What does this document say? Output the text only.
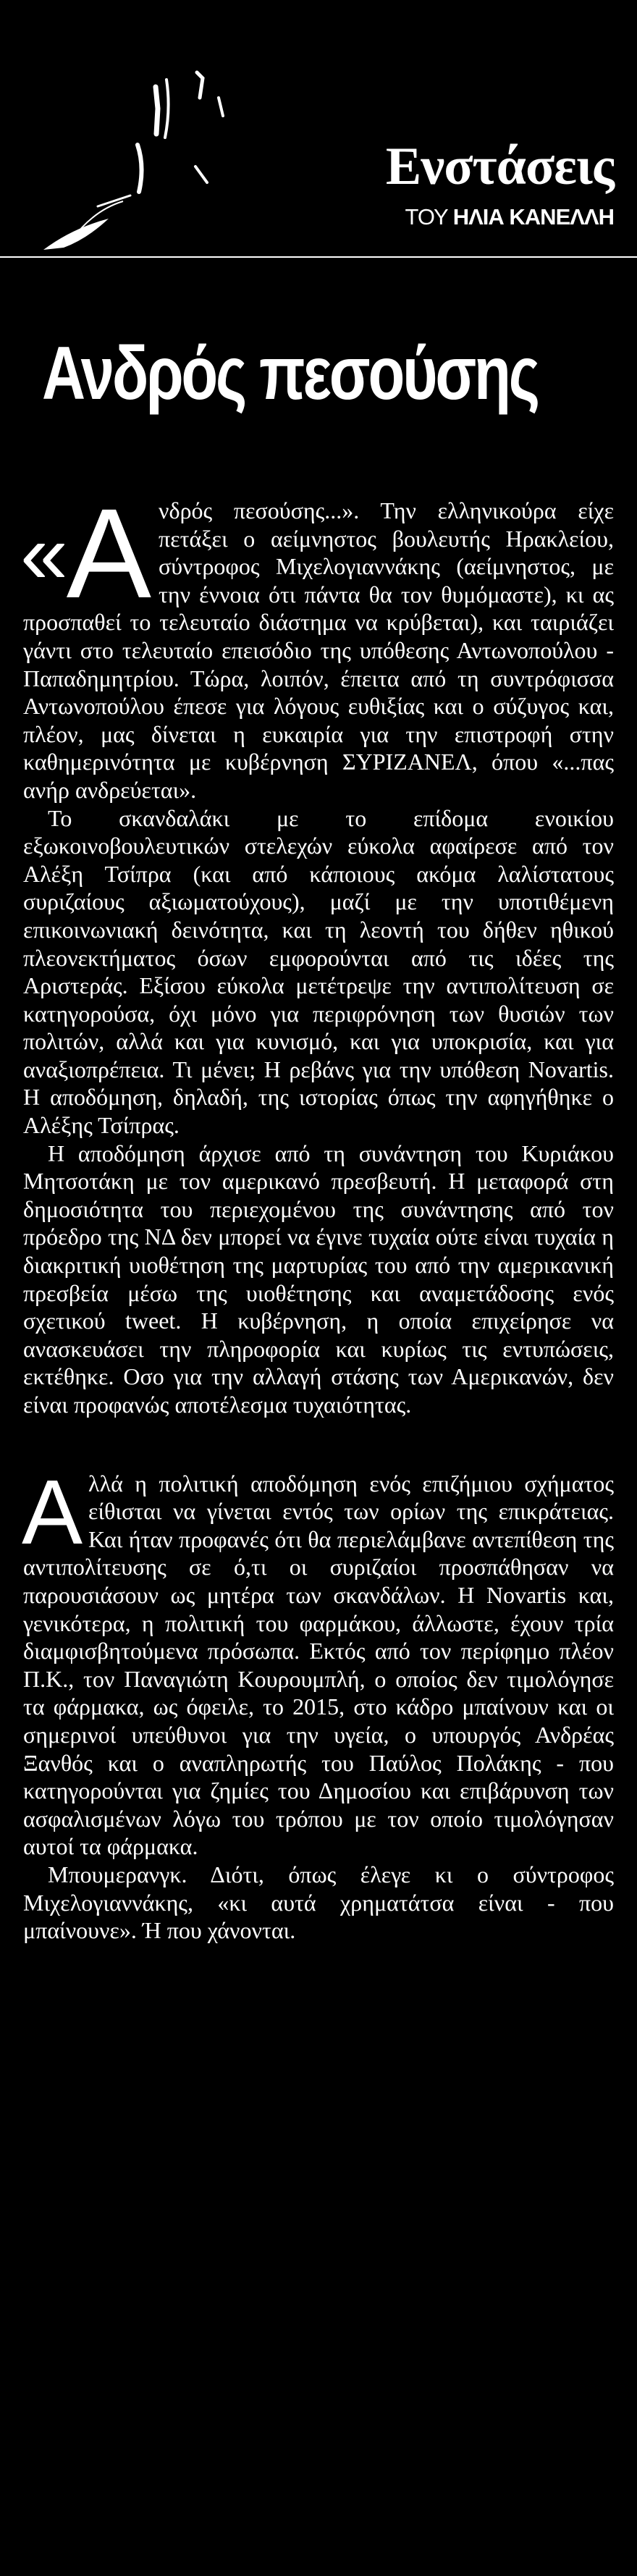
Ενστάσεις
ΤΟΥ ΗΛΙΑ ΚΑΝΕΛΛΗ
Ανδρός πεσούσης

«Α νδρός πεσούσης...». Την ελληνικούρα είχε πετάξει ο αείμνηστος βουλευτής Ηρακλείου, σύντροφος Μιχελογιαννάκης (αείμνηστος, με την έννοια ότι πάντα θα τον θυμόμαστε), κι ας προσπαθεί το τελευταίο διάστημα να κρύβεται), και ταιριάζει γάντι στο τελευταίο επεισόδιο της υπόθεσης Αντωνοπούλου - Παπαδημητρίου. Τώρα, λοιπόν, έπειτα από τη συντρόφισσα Αντωνοπούλου έπεσε για λόγους ευθιξίας και ο σύζυγος και, πλέον, μας δίνεται η ευκαιρία για την επιστροφή στην καθημερινότητα με κυβέρνηση ΣΥΡΙΖΑΝΕΛ, όπου «...πας ανήρ ανδρεύεται».

Το σκανδαλάκι με το επίδομα ενοικίου εξωκοινοβουλευτικών στελεχών εύκολα αφαίρεσε από τον Αλέξη Τσίπρα (και από κάποιους ακόμα λαλίστατους συριζαίους αξιωματούχους), μαζί με την υποτιθέμενη επικοινωνιακή δεινότητα, και τη λεοντή του δήθεν ηθικού πλεονεκτήματος όσων εμφορούνται από τις ιδέες της Αριστεράς. Εξίσου εύκολα μετέτρεψε την αντιπολίτευση σε κατηγορούσα, όχι μόνο για περιφρόνηση των θυσιών των πολιτών, αλλά και για κυνισμό, και για υποκρισία, και για αναξιοπρέπεια. Τι μένει; Η ρεβάνς για την υπόθεση Novartis. Η αποδόμηση, δηλαδή, της ιστορίας όπως την αφηγήθηκε ο Αλέξης Τσίπρας.

Η αποδόμηση άρχισε από τη συνάντηση του Κυριάκου Μητσοτάκη με τον αμερικανό πρεσβευτή. Η μεταφορά στη δημοσιότητα του περιεχομένου της συνάντησης από τον πρόεδρο της ΝΔ δεν μπορεί να έγινε τυχαία ούτε είναι τυχαία η διακριτική υιοθέτηση της μαρτυρίας του από την αμερικανική πρεσβεία μέσω της υιοθέτησης και αναμετάδοσης ενός σχετικού tweet. Η κυβέρνηση, η οποία επιχείρησε να ανασκευάσει την πληροφορία και κυρίως τις εντυπώσεις, εκτέθηκε. Οσο για την αλλαγή στάσης των Αμερικανών, δεν είναι προφανώς αποτέλεσμα τυχαιότητας.

Αλλά η πολιτική αποδόμηση ενός επιζήμιου σχήματος είθισται να γίνεται εντός των ορίων της επικράτειας. Και ήταν προφανές ότι θα περιελάμβανε αντεπίθεση της αντιπολίτευσης σε ό,τι οι συριζαίοι προσπάθησαν να παρουσιάσουν ως μητέρα των σκανδάλων. Η Novartis και, γενικότερα, η πολιτική του φαρμάκου, άλλωστε, έχουν τρία διαμφισβητούμενα πρόσωπα. Εκτός από τον περίφημο πλέον Π.Κ., τον Παναγιώτη Κουρουμπλή, ο οποίος δεν τιμολόγησε τα φάρμακα, ως όφειλε, το 2015, στο κάδρο μπαίνουν και οι σημερινοί υπεύθυνοι για την υγεία, ο υπουργός Ανδρέας Ξανθός και ο αναπληρωτής του Παύλος Πολάκης - που κατηγορούνται για ζημίες του Δημοσίου και επιβάρυνση των ασφαλισμένων λόγω του τρόπου με τον οποίο τιμολόγησαν αυτοί τα φάρμακα.

Μπουμερανγκ. Διότι, όπως έλεγε κι ο σύντροφος Μιχελογιαννάκης, «κι αυτά χρηματάτσα είναι - που μπαίνουνε». Ή που χάνονται.
